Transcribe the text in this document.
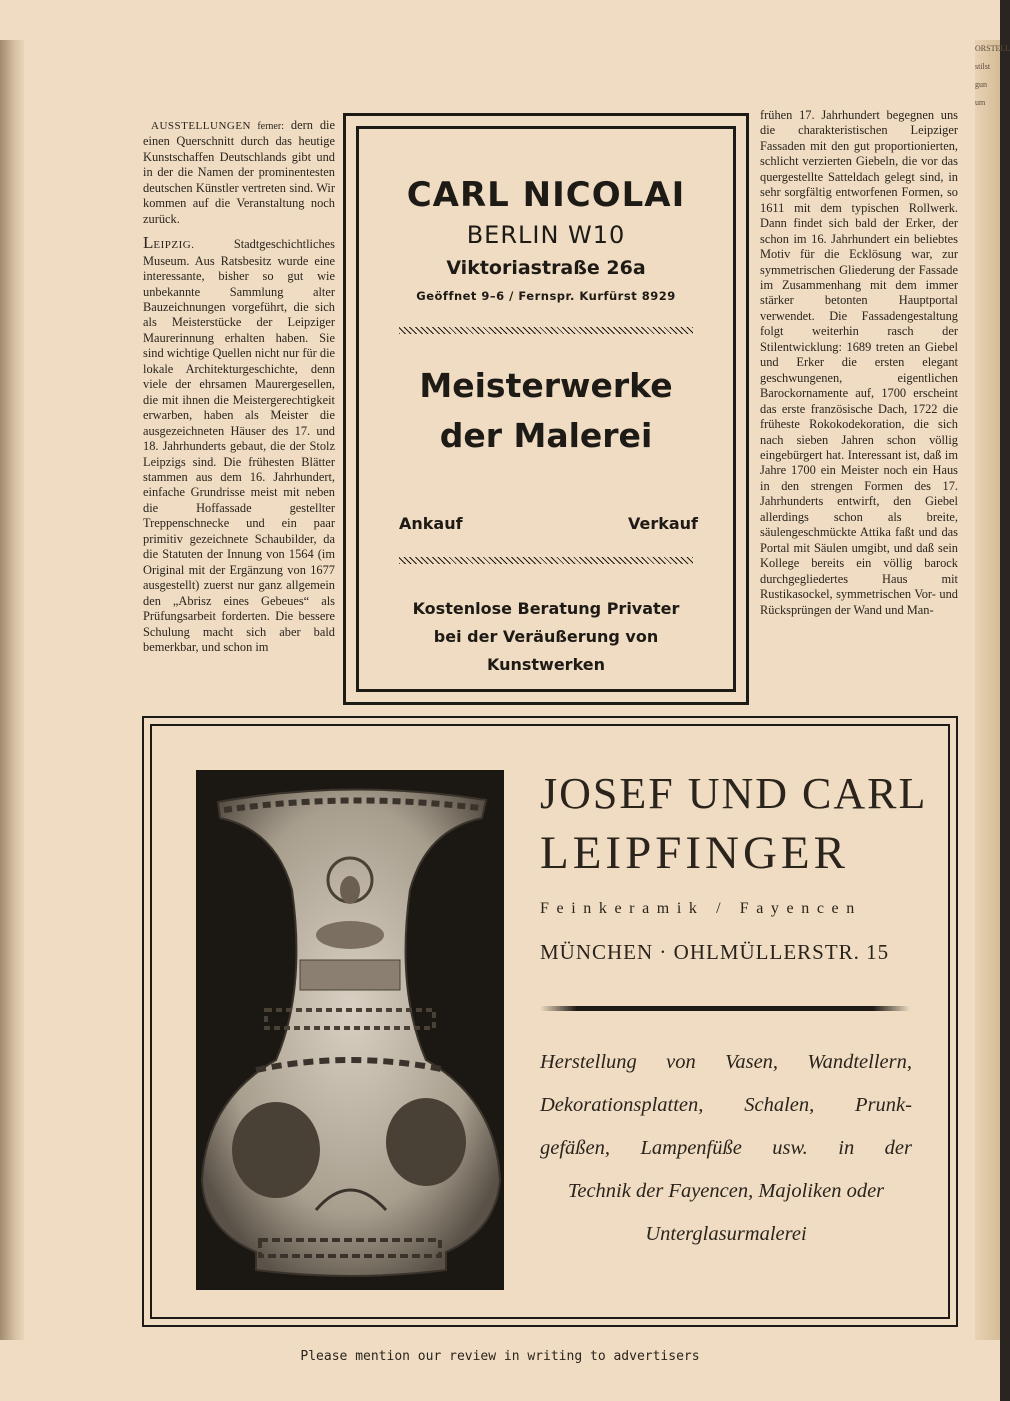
ORSTELL
stilst
gun
um

AUSSTELLUNGEN ferner: dern die einen Querschnitt durch das heutige Kunstschaffen Deutschlands gibt und in der die Namen der prominentesten deutschen Künstler vertreten sind. Wir kommen auf die Veranstaltung noch zurück.

LEIPZIG.	Stadtgeschichtliches Museum. Aus Ratsbesitz wurde eine interessante, bisher so gut wie unbekannte Sammlung alter Bauzeichnungen vorgeführt, die sich als Meisterstücke der Leipziger Maurerinnung erhalten haben. Sie sind wichtige Quellen nicht nur für die lokale Architekturgeschichte, denn viele der ehrsamen Maurergesellen, die mit ihnen die Meistergerechtigkeit erwarben, haben als Meister die ausgezeichneten Häuser des 17. und 18. Jahrhunderts gebaut, die der Stolz Leipzigs sind. Die frühesten Blätter stammen aus dem 16. Jahrhundert, einfache Grundrisse meist mit neben die Hoffassade gestellter Treppenschnecke und ein paar primitiv gezeichnete Schaubilder, da die Statuten der Innung von 1564 (im Original mit der Ergänzung von 1677 ausgestellt) zuerst nur ganz allgemein den „Abrisz eines Gebeues“ als Prüfungsarbeit forderten. Die bessere Schulung macht sich aber bald bemerkbar, und schon im

frühen 17. Jahrhundert begegnen uns die charakteristischen Leipziger Fassaden mit den gut proportionierten, schlicht verzierten Giebeln, die vor das quergestellte Satteldach gelegt sind, in sehr sorgfältig entworfenen Formen, so 1611 mit dem typischen Rollwerk. Dann findet sich bald der Erker, der schon im 16. Jahrhundert ein beliebtes Motiv für die Ecklösung war, zur symmetrischen Gliederung der Fassade im Zusammenhang mit dem immer stärker betonten Hauptportal verwendet. Die Fassadengestaltung folgt weiterhin rasch der Stilentwicklung: 1689 treten an Giebel und Erker die ersten elegant geschwungenen, eigentlichen Barockornamente auf, 1700 erscheint das erste französische Dach, 1722 die früheste Rokokodekoration, die sich nach sieben Jahren schon völlig eingebürgert hat. Interessant ist, daß im Jahre 1700 ein Meister noch ein Haus in den strengen Formen des 17. Jahrhunderts entwirft, den Giebel allerdings schon als breite, säulengeschmückte Attika faßt und das Portal mit Säulen umgibt, und daß sein Kollege bereits ein völlig barock durchgegliedertes Haus mit Rustikasockel, symmetrischen Vor- und Rücksprüngen der Wand und Man-

CARL NICOLAI
BERLIN W10
Viktoriastraße 26a
Geöffnet 9–6 / Fernspr. Kurfürst 8929
Meisterwerke
der Malerei
Ankauf	Verkauf
Kostenlose Beratung Privater
bei der Veräußerung von
Kunstwerken
JOSEF UND CARL
LEIPFINGER
Feinkeramik / Fayencen
MÜNCHEN · OHLMÜLLERSTR. 15
Herstellung von Vasen, Wandtellern,
Dekorationsplatten, Schalen, Prunk-
gefäßen, Lampenfüße usw. in der
Technik der Fayencen, Majoliken oder
Unterglasurmalerei
Please mention our review in writing to advertisers
